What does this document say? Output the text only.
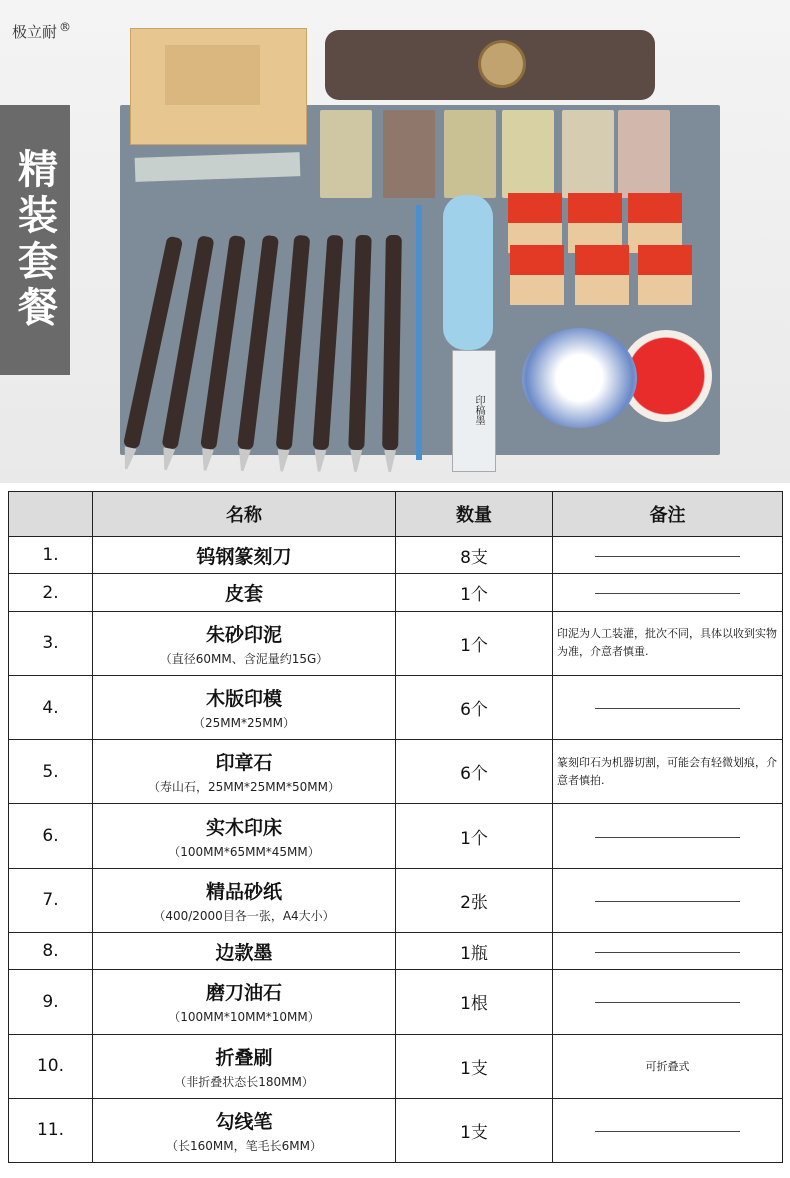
印稿墨
极立耐 ®
精装套餐
	名称	数量	备注
1.	钨钢篆刻刀	8支	
2.	皮套	1个	
3.	朱砂印泥
（直径60MM、含泥量约15G）	1个	印泥为人工装灌，批次不同，具体以收到实物为准，介意者慎重.

4.	木版印模
（25MM*25MM）	6个	
5.	印章石
（寿山石，25MM*25MM*50MM）	6个	篆刻印石为机器切割，可能会有轻微划痕，介意者慎拍.

6.	实木印床
（100MM*65MM*45MM）	1个	
7.	精品砂纸
（400/2000目各一张，A4大小）	2张	
8.	边款墨	1瓶	
9.	磨刀油石
（100MM*10MM*10MM）	1根	
10.	折叠刷
（非折叠状态长180MM）	1支	可折叠式

11.	勾线笔
（长160MM，笔毛长6MM）	1支	
